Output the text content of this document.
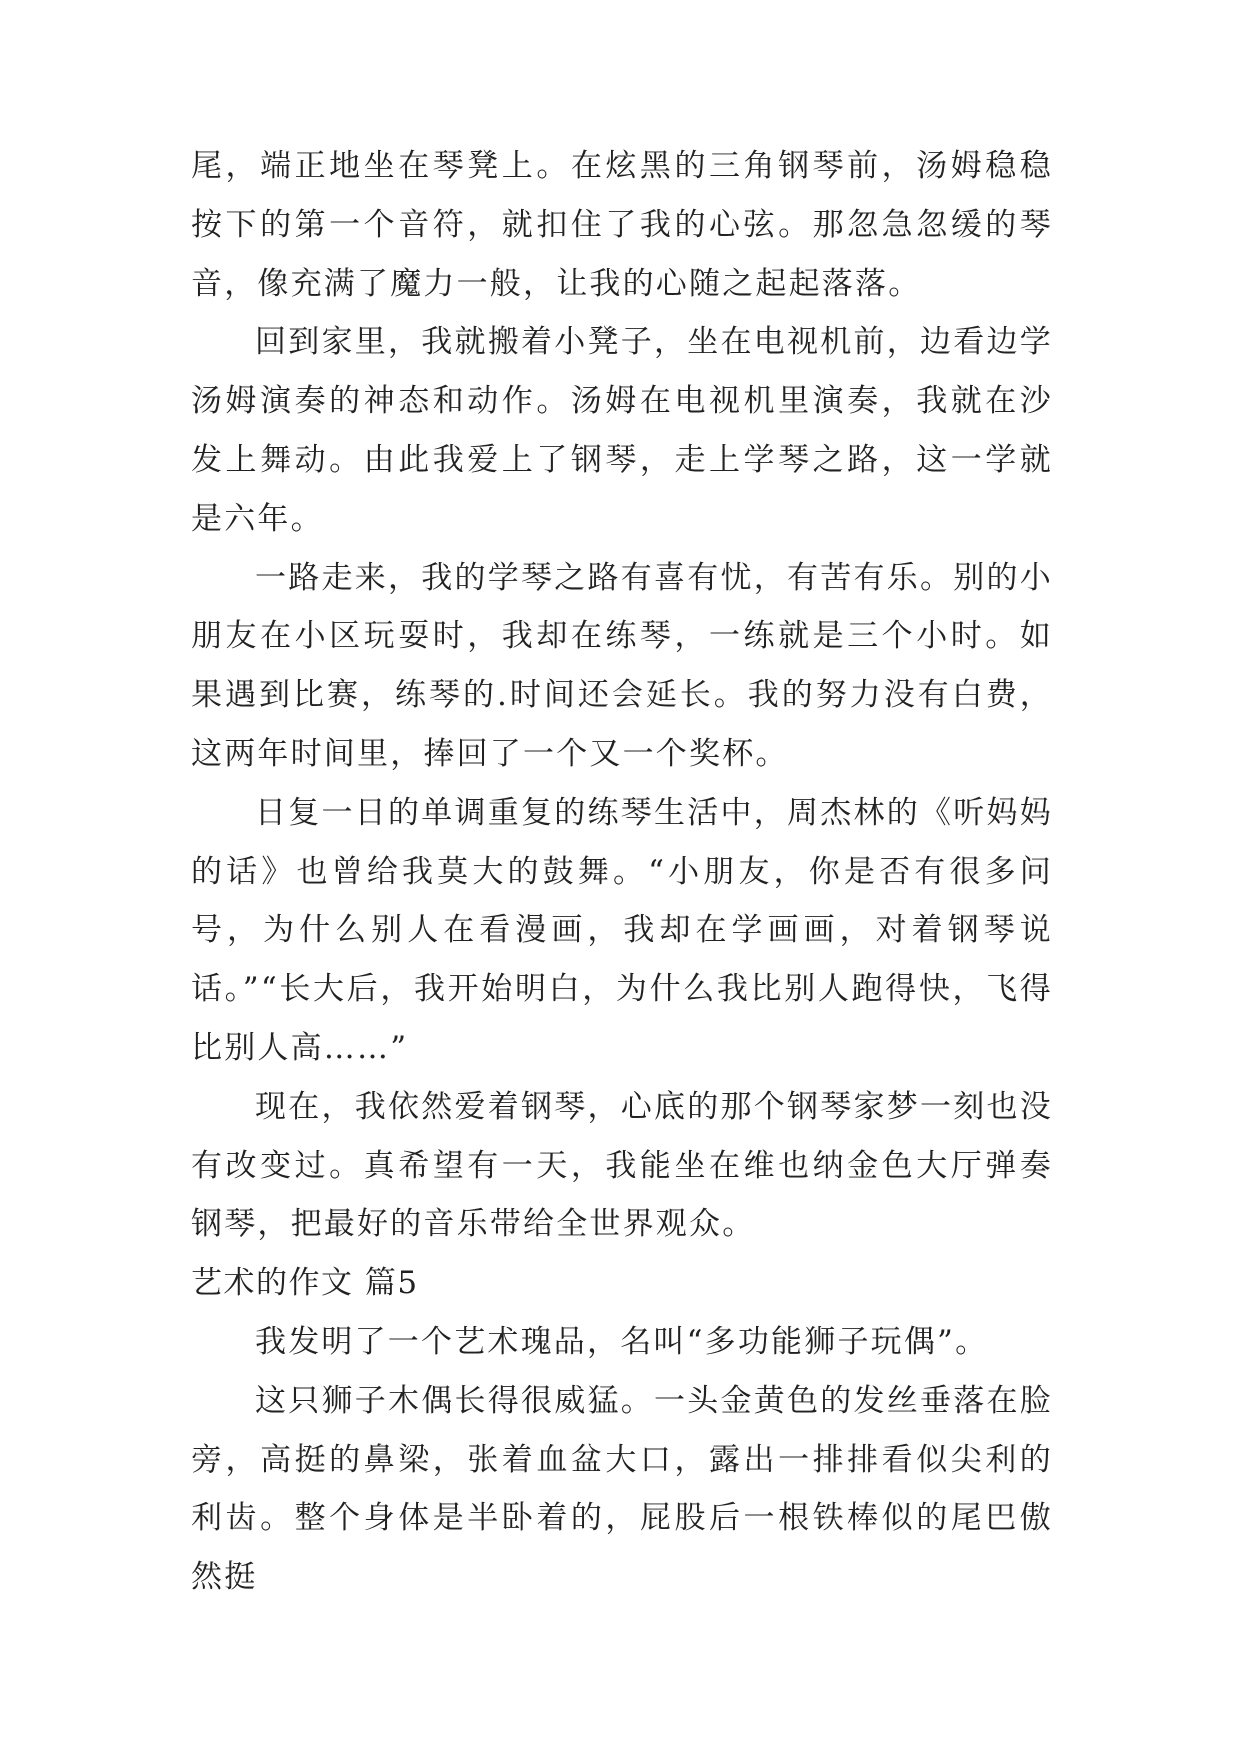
尾，端正地坐在琴凳上。在炫黑的三角钢琴前，汤姆稳稳按下的第一个音符，就扣住了我的心弦。那忽急忽缓的琴音，像充满了魔力一般，让我的心随之起起落落。

回到家里，我就搬着小凳子，坐在电视机前，边看边学汤姆演奏的神态和动作。汤姆在电视机里演奏，我就在沙发上舞动。由此我爱上了钢琴，走上学琴之路，这一学就是六年。

一路走来，我的学琴之路有喜有忧，有苦有乐。别的小朋友在小区玩耍时，我却在练琴，一练就是三个小时。如果遇到比赛，练琴的.时间还会延长。我的努力没有白费，这两年时间里，捧回了一个又一个奖杯。

日复一日的单调重复的练琴生活中，周杰林的《听妈妈的话》也曾给我莫大的鼓舞。“小朋友，你是否有很多问号，为什么别人在看漫画，我却在学画画，对着钢琴说话。”“长大后，我开始明白，为什么我比别人跑得快，飞得比别人高……”

现在，我依然爱着钢琴，心底的那个钢琴家梦一刻也没有改变过。真希望有一天，我能坐在维也纳金色大厅弹奏钢琴，把最好的音乐带给全世界观众。

艺术的作文 篇5

我发明了一个艺术瑰品，名叫“多功能狮子玩偶”。

这只狮子木偶长得很威猛。一头金黄色的发丝垂落在脸旁，高挺的鼻梁，张着血盆大口，露出一排排看似尖利的利齿。整个身体是半卧着的，屁股后一根铁棒似的尾巴傲然挺
